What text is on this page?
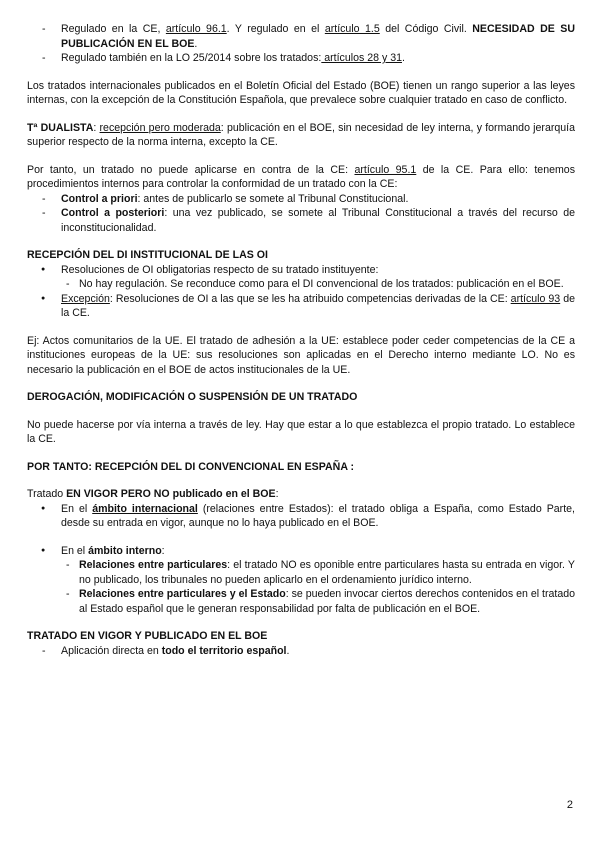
- Regulado en la CE, artículo 96.1. Y regulado en el artículo 1.5 del Código Civil. NECESIDAD DE SU PUBLICACIÓN EN EL BOE.
- Regulado también en la LO 25/2014 sobre los tratados: artículos 28 y 31.

Los tratados internacionales publicados en el Boletín Oficial del Estado (BOE) tienen un rango superior a las leyes internas, con la excepción de la Constitución Española, que prevalece sobre cualquier tratado en caso de conflicto.

Tª DUALISTA: recepción pero moderada: publicación en el BOE, sin necesidad de ley interna, y formando jerarquía superior respecto de la norma interna, excepto la CE.

Por tanto, un tratado no puede aplicarse en contra de la CE: artículo 95.1 de la CE. Para ello: tenemos procedimientos internos para controlar la conformidad de un tratado con la CE:

- Control a priori: antes de publicarlo se somete al Tribunal Constitucional.
- Control a posteriori: una vez publicado, se somete al Tribunal Constitucional a través del recurso de inconstitucionalidad.

RECEPCIÓN DEL DI INSTITUCIONAL DE LAS OI

● Resoluciones de OI obligatorias respecto de su tratado instituyente:
- No hay regulación. Se reconduce como para el DI convencional de los tratados: publicación en el BOE.
● Excepción: Resoluciones de OI a las que se les ha atribuido competencias derivadas de la CE: artículo 93 de la CE.

Ej: Actos comunitarios de la UE. El tratado de adhesión a la UE: establece poder ceder competencias de la CE a instituciones europeas de la UE: sus resoluciones son aplicadas en el Derecho interno mediante LO. No es necesario la publicación en el BOE de actos institucionales de la UE.

DEROGACIÓN, MODIFICACIÓN O SUSPENSIÓN DE UN TRATADO

No puede hacerse por vía interna a través de ley. Hay que estar a lo que establezca el propio tratado. Lo establece la CE.

POR TANTO: RECEPCIÓN DEL DI CONVENCIONAL EN ESPAÑA :

Tratado EN VIGOR PERO NO publicado en el BOE:

● En el ámbito internacional (relaciones entre Estados): el tratado obliga a España, como Estado Parte, desde su entrada en vigor, aunque no lo haya publicado en el BOE.
● En el ámbito interno:
- Relaciones entre particulares: el tratado NO es oponible entre particulares hasta su entrada en vigor. Y no publicado, los tribunales no pueden aplicarlo en el ordenamiento jurídico interno.
- Relaciones entre particulares y el Estado: se pueden invocar ciertos derechos contenidos en el tratado al Estado español que le generan responsabilidad por falta de publicación en el BOE.

TRATADO EN VIGOR Y PUBLICADO EN EL BOE

- Aplicación directa en todo el territorio español.
2
